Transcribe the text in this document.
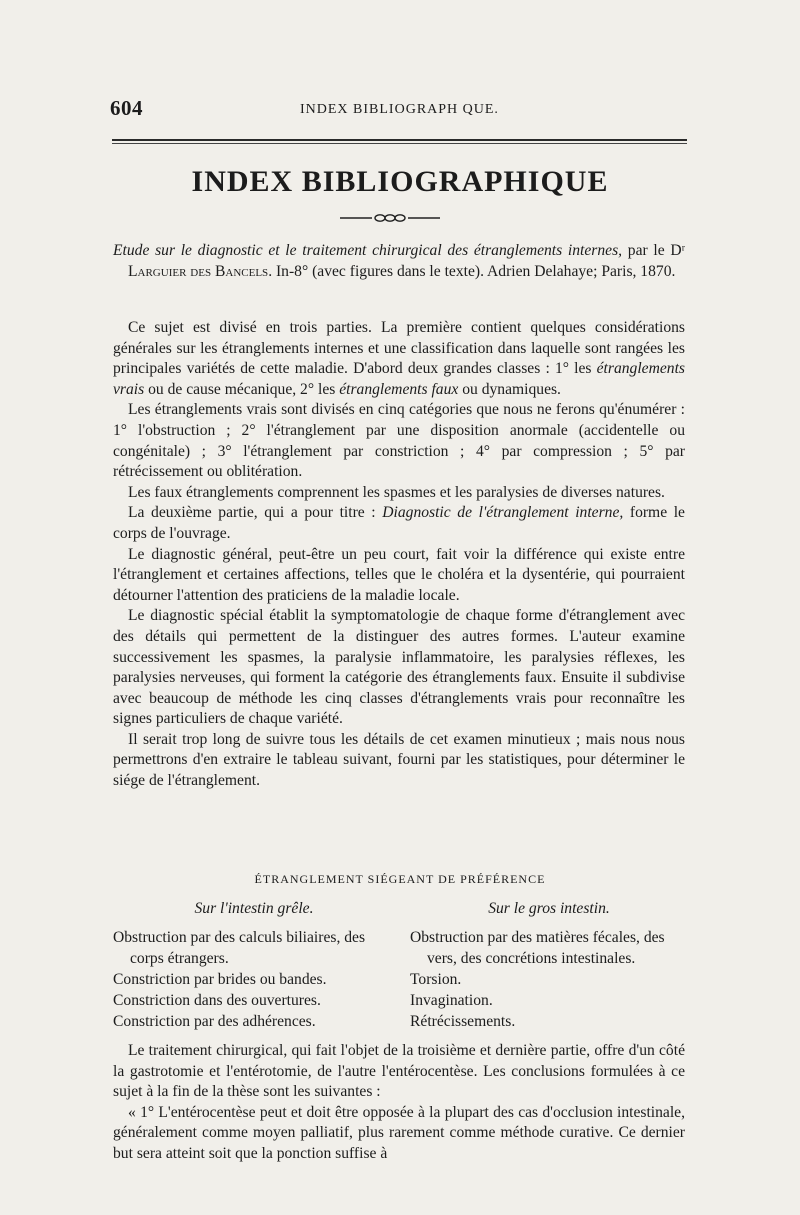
604	INDEX BIBLIOGRAPH QUE.
INDEX BIBLIOGRAPHIQUE

Etude sur le diagnostic et le traitement chirurgical des étranglements internes, par le Dʳ Larguier des Bancels. In-8° (avec figures dans le texte). Adrien Delahaye; Paris, 1870.

Ce sujet est divisé en trois parties. La première contient quelques considérations générales sur les étranglements internes et une classification dans laquelle sont rangées les principales variétés de cette maladie. D'abord deux grandes classes : 1° les étranglements vrais ou de cause mécanique, 2° les étranglements faux ou dynamiques.

Les étranglements vrais sont divisés en cinq catégories que nous ne ferons qu'énumérer : 1° l'obstruction ; 2° l'étranglement par une disposition anormale (accidentelle ou congénitale) ; 3° l'étranglement par constriction ; 4° par compression ; 5° par rétrécissement ou oblitération.

Les faux étranglements comprennent les spasmes et les paralysies de diverses natures.

La deuxième partie, qui a pour titre : Diagnostic de l'étranglement interne, forme le corps de l'ouvrage.

Le diagnostic général, peut-être un peu court, fait voir la différence qui existe entre l'étranglement et certaines affections, telles que le choléra et la dysentérie, qui pourraient détourner l'attention des praticiens de la maladie locale.

Le diagnostic spécial établit la symptomatologie de chaque forme d'étranglement avec des détails qui permettent de la distinguer des autres formes. L'auteur examine successivement les spasmes, la paralysie inflammatoire, les paralysies réflexes, les paralysies nerveuses, qui forment la catégorie des étranglements faux. Ensuite il subdivise avec beaucoup de méthode les cinq classes d'étranglements vrais pour reconnaître les signes particuliers de chaque variété.

Il serait trop long de suivre tous les détails de cet examen minutieux ; mais nous nous permettrons d'en extraire le tableau suivant, fourni par les statistiques, pour déterminer le siége de l'étranglement.

ÉTRANGLEMENT SIÉGEANT DE PRÉFÉRENCE
Sur l'intestin grêle.
Obstruction par des calculs biliaires, des corps étrangers.
Constriction par brides ou bandes.
Constriction dans des ouvertures.
Constriction par des adhérences.
Sur le gros intestin.
Obstruction par des matières fécales, des vers, des concrétions intestinales.
Torsion.
Invagination.
Rétrécissements.

Le traitement chirurgical, qui fait l'objet de la troisième et dernière partie, offre d'un côté la gastrotomie et l'entérotomie, de l'autre l'entérocentèse. Les conclusions formulées à ce sujet à la fin de la thèse sont les suivantes :

« 1° L'entérocentèse peut et doit être opposée à la plupart des cas d'occlusion intestinale, généralement comme moyen palliatif, plus rarement comme méthode curative. Ce dernier but sera atteint soit que la ponction suffise à
